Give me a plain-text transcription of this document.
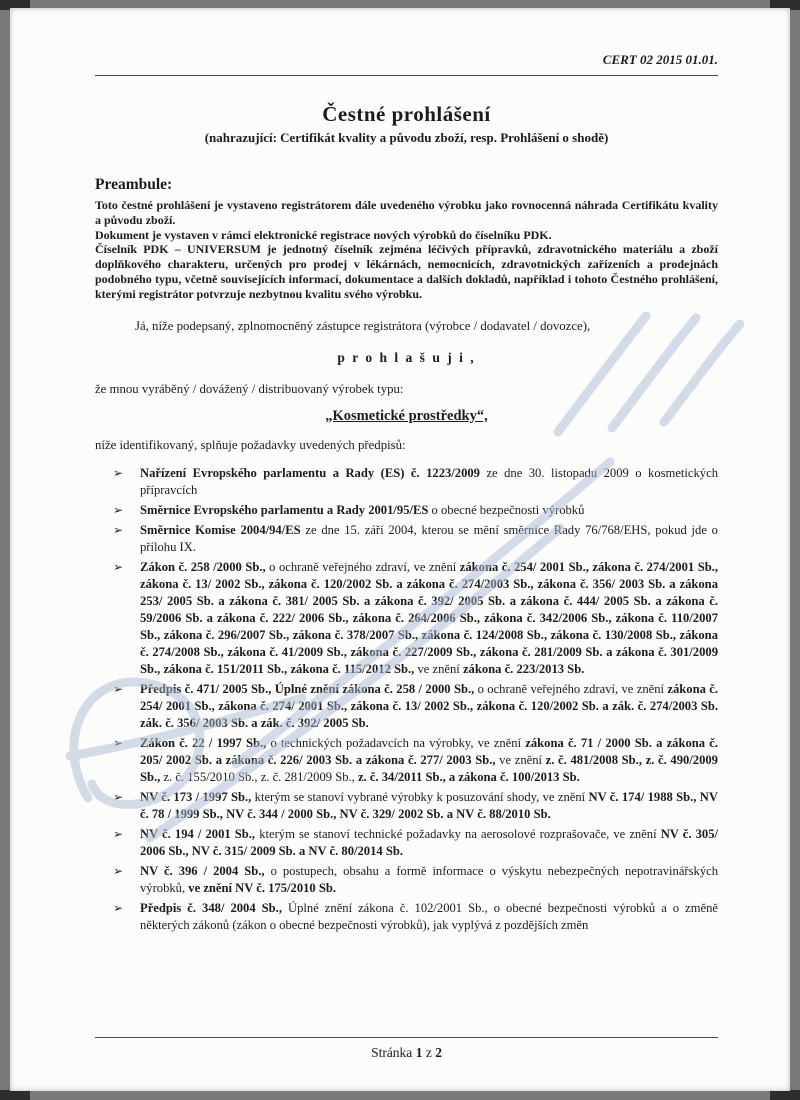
CERT 02 2015 01.01.
Čestné prohlášení
(nahrazující: Certifikát kvality a původu zboží, resp. Prohlášení o shodě)
Preambule:

Toto čestné prohlášení je vystaveno registrátorem dále uvedeného výrobku jako rovnocenná náhrada Certifikátu kvality a původu zboží.

Dokument je vystaven v rámci elektronické registrace nových výrobků do číselníku PDK.

Číselník PDK – UNIVERSUM je jednotný číselník zejména léčivých přípravků, zdravotnického materiálu a zboží doplňkového charakteru, určených pro prodej v lékárnách, nemocnicích, zdravotnických zařízeních a prodejnách podobného typu, včetně souvisejících informací, dokumentace a dalších dokladů, například i tohoto Čestného prohlášení, kterými registrátor potvrzuje nezbytnou kvalitu svého výrobku.

Já, níže podepsaný, zplnomocněný zástupce registrátora (výrobce / dodavatel / dovozce),

p r o h l a š u j i ,

že mnou vyráběný / dovážený / distribuovaný výrobek typu:

„Kosmetické prostředky“,

níže identifikovaný, splňuje požadavky uvedených předpisů:

➢ Nařízení Evropského parlamentu a Rady (ES) č. 1223/2009 ze dne 30. listopadu 2009 o kosmetických přípravcích
➢ Směrnice Evropského parlamentu a Rady 2001/95/ES o obecné bezpečnosti výrobků
➢ Směrnice Komise 2004/94/ES ze dne 15. září 2004, kterou se mění směrnice Rady 76/768/EHS, pokud jde o přílohu IX.
➢ Zákon č. 258 /2000 Sb., o ochraně veřejného zdraví, ve znění zákona č. 254/ 2001 Sb., zákona č. 274/2001 Sb., zákona č. 13/ 2002 Sb., zákona č. 120/2002 Sb. a zákona č. 274/2003 Sb., zákona č. 356/ 2003 Sb. a zákona 253/ 2005 Sb. a zákona č. 381/ 2005 Sb. a zákona č. 392/ 2005 Sb. a zákona č. 444/ 2005 Sb. a zákona č. 59/2006 Sb. a zákona č. 222/ 2006 Sb., zákona č. 264/2006 Sb., zákona č. 342/2006 Sb., zákona č. 110/2007 Sb., zákona č. 296/2007 Sb., zákona č. 378/2007 Sb., zákona č. 124/2008 Sb., zákona č. 130/2008 Sb., zákona č. 274/2008 Sb., zákona č. 41/2009 Sb., zákona č. 227/2009 Sb., zákona č. 281/2009 Sb. a zákona č. 301/2009 Sb., zákona č. 151/2011 Sb., zákona č. 115/2012 Sb., ve znění zákona č. 223/2013 Sb.
➢ Předpis č. 471/ 2005 Sb., Úplné znění zákona č. 258 / 2000 Sb., o ochraně veřejného zdraví, ve znění zákona č. 254/ 2001 Sb., zákona č. 274/ 2001 Sb., zákona č. 13/ 2002 Sb., zákona č. 120/2002 Sb. a zák. č. 274/2003 Sb. zák. č. 356/ 2003 Sb. a zák. č. 392/ 2005 Sb.
➢ Zákon č. 22 / 1997 Sb., o technických požadavcích na výrobky, ve znění zákona č. 71 / 2000 Sb. a zákona č. 205/ 2002 Sb. a zákona č. 226/ 2003 Sb. a zákona č. 277/ 2003 Sb., ve znění z. č. 481/2008 Sb., z. č. 490/2009 Sb., z. č. 155/2010 Sb., z. č. 281/2009 Sb., z. č. 34/2011 Sb., a zákona č. 100/2013 Sb.
➢ NV č. 173 / 1997 Sb., kterým se stanoví vybrané výrobky k posuzování shody, ve znění NV č. 174/ 1988 Sb., NV č. 78 / 1999 Sb., NV č. 344 / 2000 Sb., NV č. 329/ 2002 Sb. a NV č. 88/2010 Sb.
➢ NV č. 194 / 2001 Sb., kterým se stanoví technické požadavky na aerosolové rozprašovače, ve znění NV č. 305/ 2006 Sb., NV č. 315/ 2009 Sb. a NV č. 80/2014 Sb.
➢ NV č. 396 / 2004 Sb., o postupech, obsahu a formě informace o výskytu nebezpečných nepotravinářských výrobků, ve znění NV č. 175/2010 Sb.
➢ Předpis č. 348/ 2004 Sb., Úplné znění zákona č. 102/2001 Sb., o obecné bezpečnosti výrobků a o změně některých zákonů (zákon o obecné bezpečnosti výrobků), jak vyplývá z pozdějších změn
Stránka 1 z 2
